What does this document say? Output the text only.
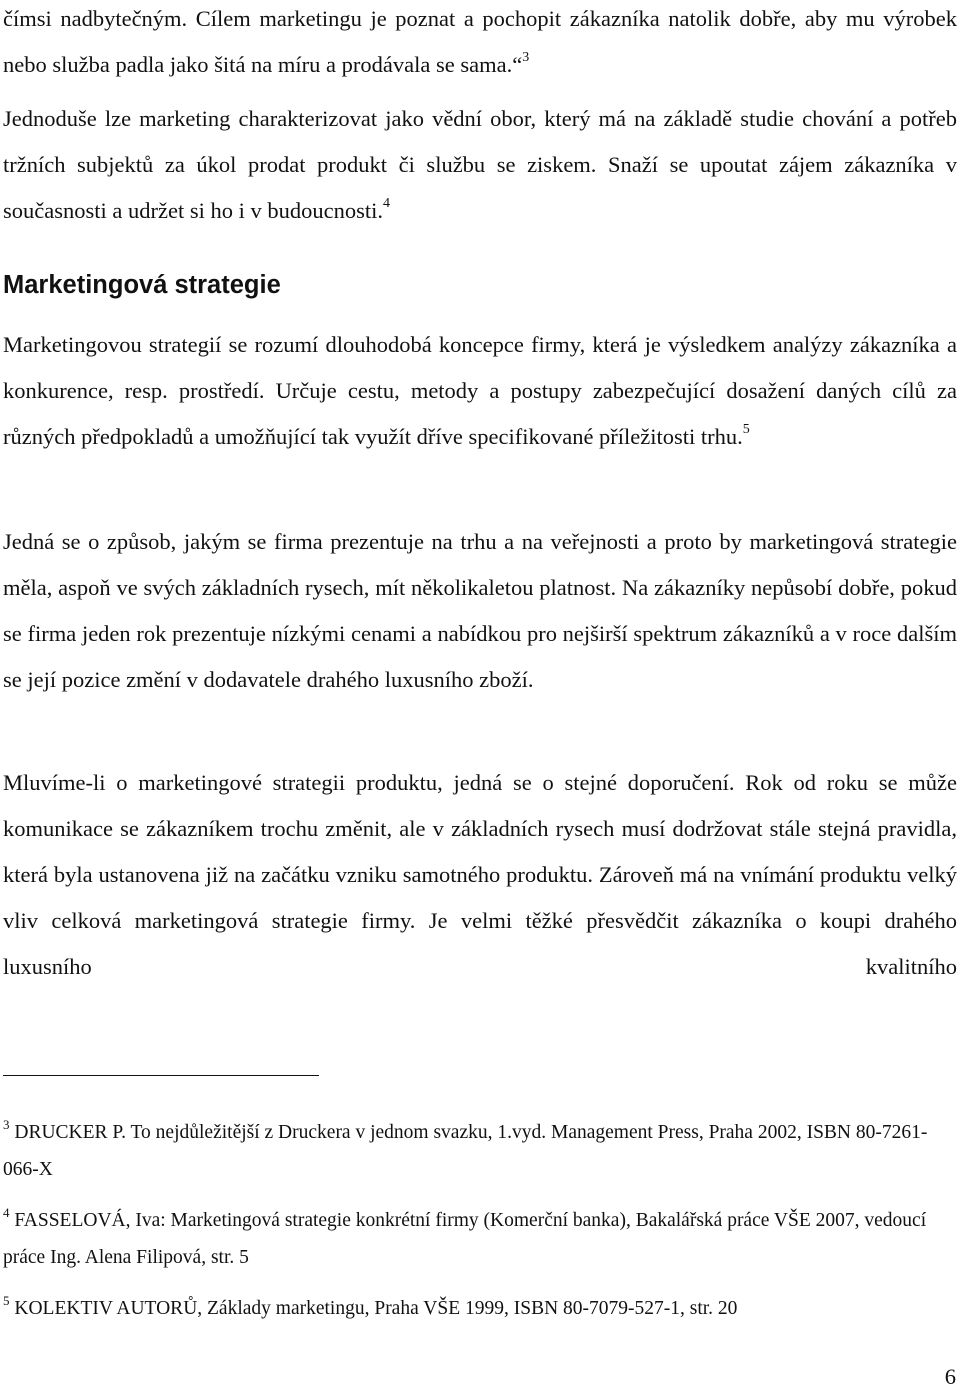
čímsi nadbytečným. Cílem marketingu je poznat a pochopit zákazníka natolik dobře, aby mu výrobek nebo služba padla jako šitá na míru a prodávala se sama.“$^3$

Jednoduše lze marketing charakterizovat jako vědní obor, který má na základě studie chování a potřeb tržních subjektů za úkol prodat produkt či službu se ziskem. Snaží se upoutat zájem zákazníka v současnosti a udržet si ho i v budoucnosti.$^4$

Marketingová strategie

Marketingovou strategií se rozumí dlouhodobá koncepce firmy, která je výsledkem analýzy zákazníka a konkurence, resp. prostředí. Určuje cestu, metody a postupy zabezpečující dosažení daných cílů za různých předpokladů a umožňující tak využít dříve specifikované příležitosti trhu.$^5$

Jedná se o způsob, jakým se firma prezentuje na trhu a na veřejnosti a proto by marketingová strategie měla, aspoň ve svých základních rysech, mít několikaletou platnost. Na zákazníky nepůsobí dobře, pokud se firma jeden rok prezentuje nízkými cenami a nabídkou pro nejširší spektrum zákazníků a v roce dalším se její pozice změní v dodavatele drahého luxusního zboží.

Mluvíme-li o marketingové strategii produktu, jedná se o stejné doporučení. Rok od roku se může komunikace se zákazníkem trochu změnit, ale v základních rysech musí dodržovat stále stejná pravidla, která byla ustanovena již na začátku vzniku samotného produktu. Zároveň má na vnímání produktu velký vliv celková marketingová strategie firmy. Je velmi těžké přesvědčit zákazníka o koupi drahého luxusního kvalitního

$^3$ DRUCKER P. To nejdůležitější z Druckera v jednom svazku, 1.vyd. Management Press, Praha 2002, ISBN 80-7261-066-X

$^4$ FASSELOVÁ, Iva: Marketingová strategie konkrétní firmy (Komerční banka), Bakalářská práce VŠE 2007, vedoucí práce Ing. Alena Filipová, str. 5

$^5$ KOLEKTIV AUTORŮ, Základy marketingu, Praha VŠE 1999, ISBN 80-7079-527-1, str. 20

6
